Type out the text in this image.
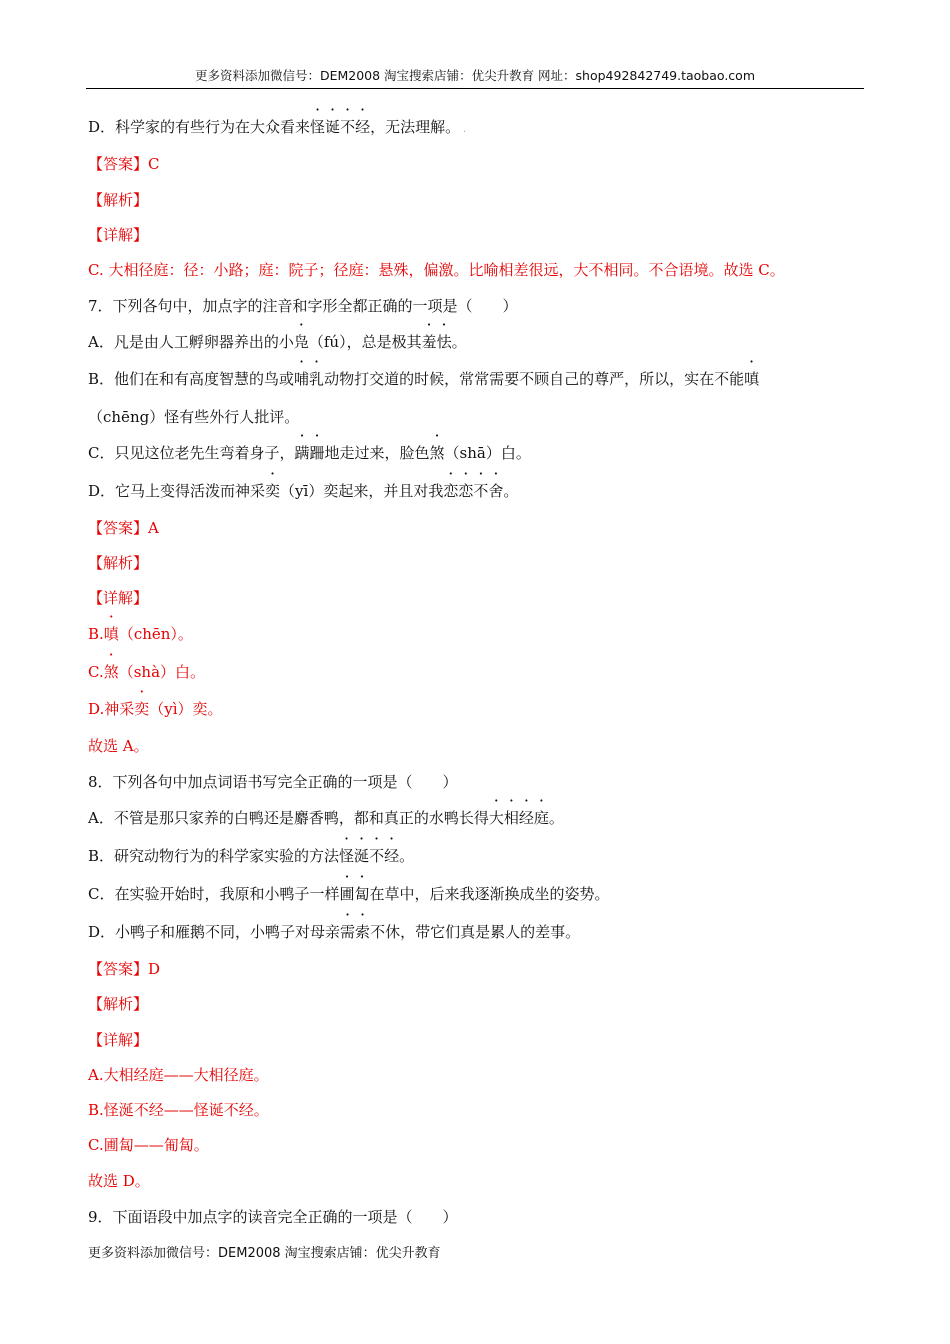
更多资料添加微信号：DEM2008 淘宝搜索店铺：优尖升教育 网址：shop492842749.taobao.com
D．科学家的有些行为在大众看来怪诞不经，无法理解。 .
【答案】C
【解析】
【详解】
C. 大相径庭：径：小路；庭：院子；径庭：悬殊，偏激。比喻相差很远，大不相同。不合语境。故选 C。
7．下列各句中，加点字的注音和字形全都正确的一项是（　　）
A．凡是由人工孵卵器养出的小凫（fú），总是极其羞怯。
B．他们在和有高度智慧的鸟或哺乳动物打交道的时候，常常需要不顾自己的尊严，所以，实在不能嗔
（chēng）怪有些外行人批评。
C．只见这位老先生弯着身子，蹒跚地走过来，脸色煞（shā）白。
D．它马上变得活泼而神采奕（yī）奕起来，并且对我恋恋不舍。
【答案】A
【解析】
【详解】
B.嗔（chēn）。
C.煞（shà）白。
D.神采奕（yì）奕。
故选 A。
8．下列各句中加点词语书写完全正确的一项是（　　）
A．不管是那只家养的白鸭还是麝香鸭，都和真正的水鸭长得大相经庭。
B．研究动物行为的科学家实验的方法怪涎不经。
C．在实验开始时，我原和小鸭子一样圃匐在草中，后来我逐渐换成坐的姿势。
D．小鸭子和雁鹅不同，小鸭子对母亲需索不休，带它们真是累人的差事。
【答案】D
【解析】
【详解】
A.大相经庭——大相径庭。
B.怪涎不经——怪诞不经。
C.圃匐——匍匐。
故选 D。
9．下面语段中加点字的读音完全正确的一项是（　　）
更多资料添加微信号：DEM2008 淘宝搜索店铺：优尖升教育
